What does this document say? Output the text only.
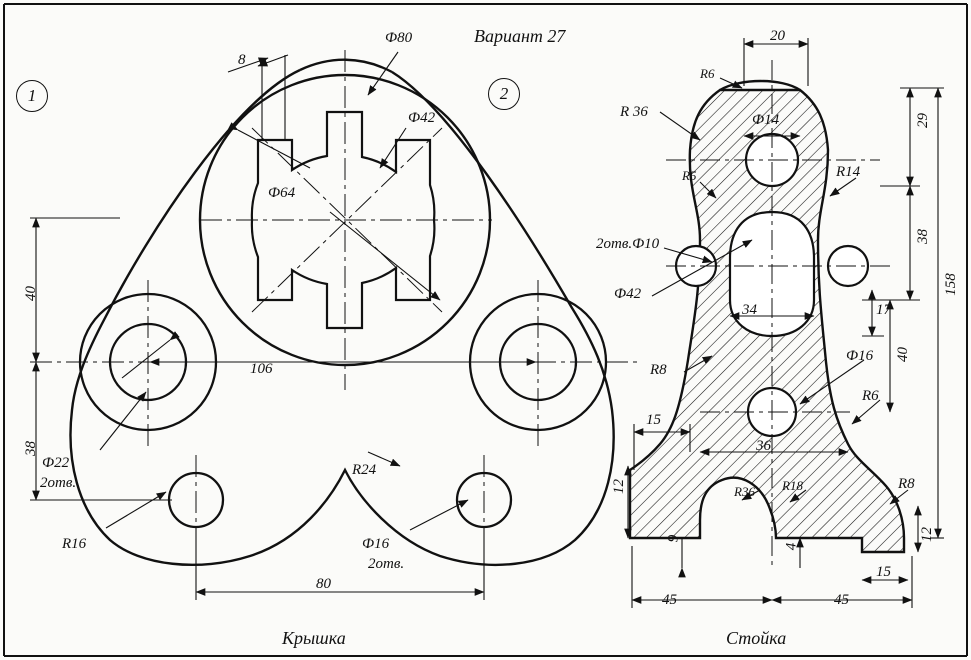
1	2
Вариант 27
Крышка	Стойка
8
Ф80
Ф42
Ф64
40
106
38
Ф22
2отв.
R24
R16	Ф16
2отв.
80
20
R6
R 36	Ф14	29
R5	R14
38
158
2отв.Ф10
Ф42
34	17
40
R8
Ф16
R6
15
36
12	R36 R18	R8
9
4
12
15
45	45
